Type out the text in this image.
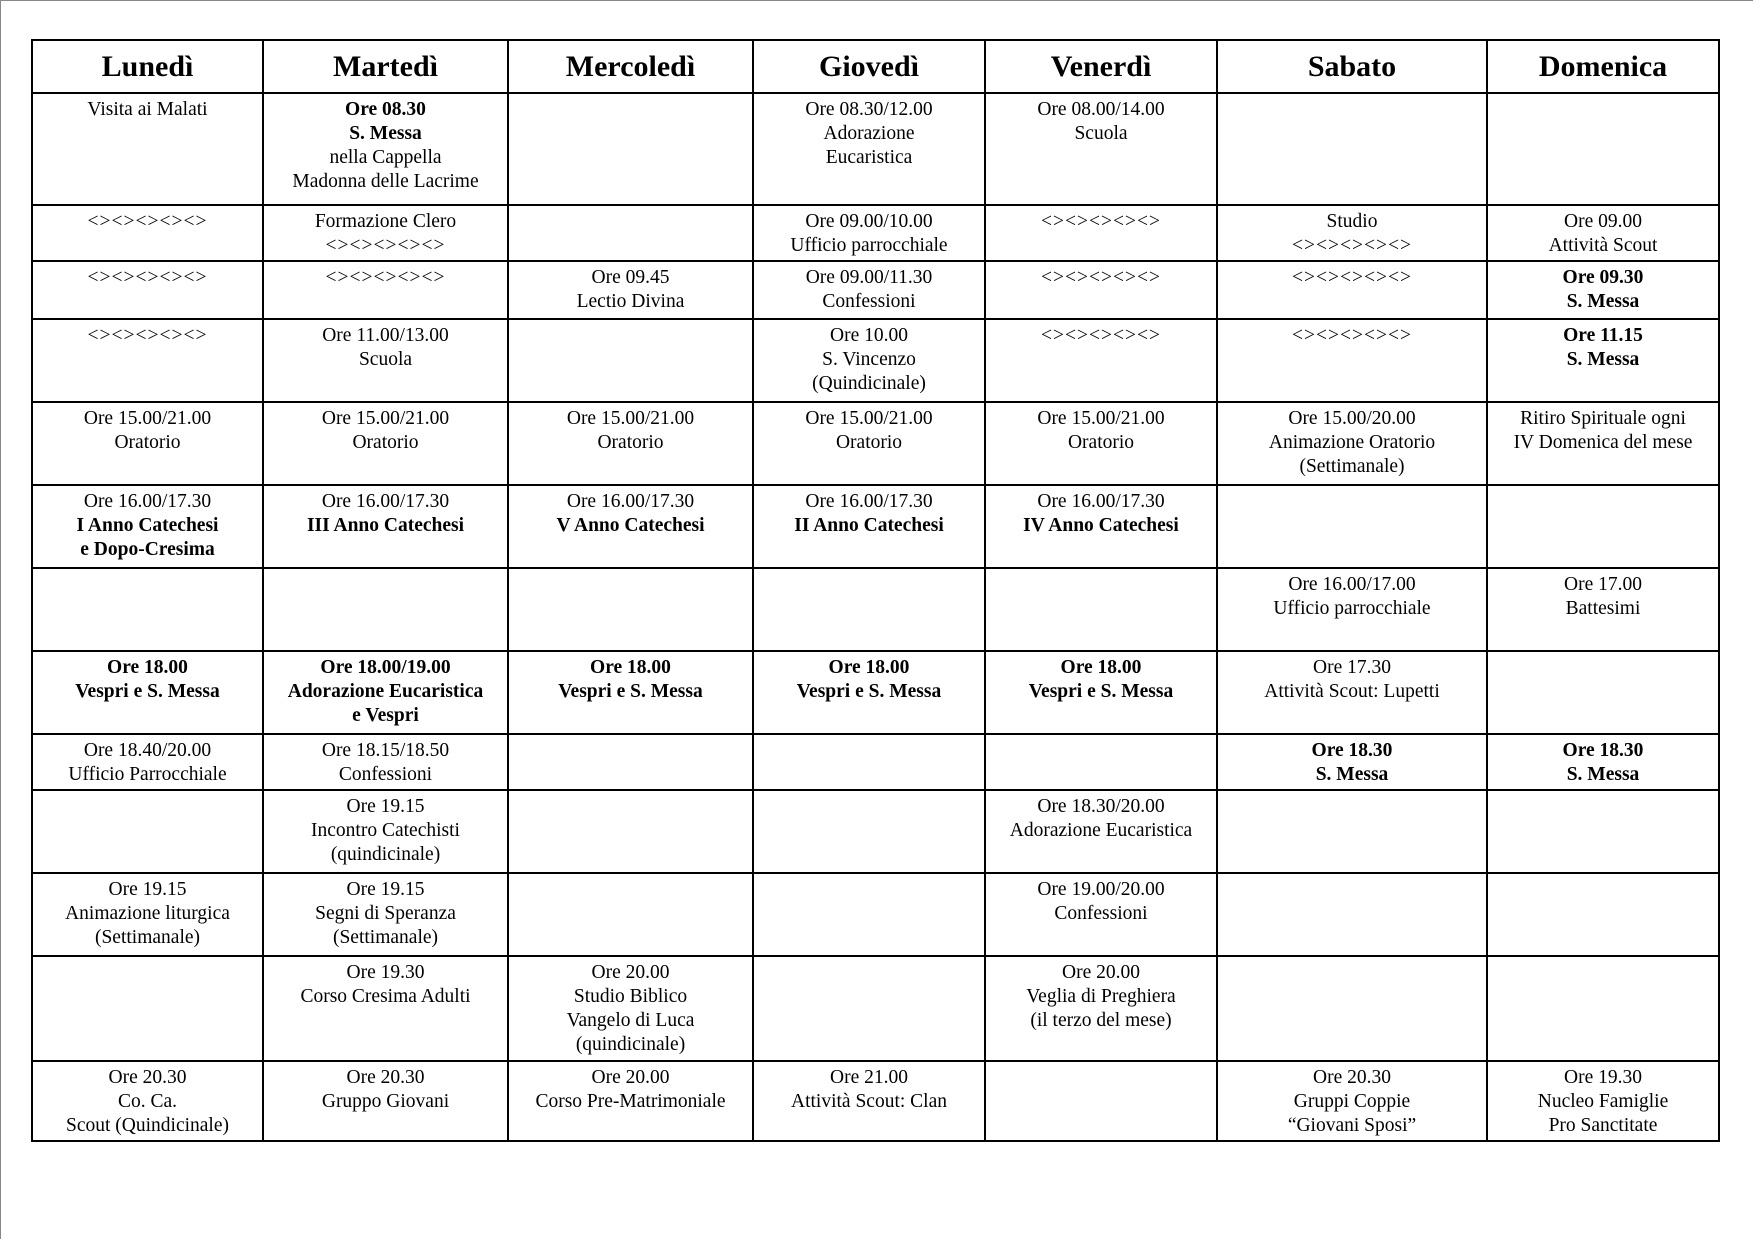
Lunedì	Martedì	Mercoledì	Giovedì	Venerdì	Sabato	Domenica

Visita ai Malati	Ore 08.30
S. Messa
nella Cappella
Madonna delle Lacrime		Ore 08.30/12.00
Adorazione
Eucaristica	Ore 08.00/14.00
Scuola		

<><><><><>	Formazione Clero
<><><><><>		Ore 09.00/10.00
Ufficio parrocchiale	<><><><><>	Studio
<><><><><>	Ore 09.00
Attività Scout

<><><><><>	<><><><><>	Ore 09.45
Lectio Divina	Ore 09.00/11.30
Confessioni	<><><><><>	<><><><><>	Ore 09.30
S. Messa

<><><><><>	Ore 11.00/13.00
Scuola		Ore 10.00
S. Vincenzo
(Quindicinale)	<><><><><>	<><><><><>	Ore 11.15
S. Messa

Ore 15.00/21.00
Oratorio	Ore 15.00/21.00
Oratorio	Ore 15.00/21.00
Oratorio	Ore 15.00/21.00
Oratorio	Ore 15.00/21.00
Oratorio	Ore 15.00/20.00
Animazione Oratorio
(Settimanale)	Ritiro Spirituale ogni
IV Domenica del mese

Ore 16.00/17.30
I Anno Catechesi
e Dopo-Cresima	Ore 16.00/17.30
III Anno Catechesi	Ore 16.00/17.30
V Anno Catechesi	Ore 16.00/17.30
II Anno Catechesi	Ore 16.00/17.30
IV Anno Catechesi		

					Ore 16.00/17.00
Ufficio parrocchiale	Ore 17.00
Battesimi

Ore 18.00
Vespri e S. Messa	Ore 18.00/19.00
Adorazione Eucaristica
e Vespri	Ore 18.00
Vespri e S. Messa	Ore 18.00
Vespri e S. Messa	Ore 18.00
Vespri e S. Messa	Ore 17.30
Attività Scout: Lupetti	

Ore 18.40/20.00
Ufficio Parrocchiale	Ore 18.15/18.50
Confessioni				Ore 18.30
S. Messa	Ore 18.30
S. Messa

	Ore 19.15
Incontro Catechisti
(quindicinale)			Ore 18.30/20.00
Adorazione Eucaristica		

Ore 19.15
Animazione liturgica
(Settimanale)	Ore 19.15
Segni di Speranza
(Settimanale)			Ore 19.00/20.00
Confessioni		

	Ore 19.30
Corso Cresima Adulti	Ore 20.00
Studio Biblico
Vangelo di Luca
(quindicinale)		Ore 20.00
Veglia di Preghiera
(il terzo del mese)		

Ore 20.30
Co. Ca.
Scout (Quindicinale)	Ore 20.30
Gruppo Giovani	Ore 20.00
Corso Pre-Matrimoniale	Ore 21.00
Attività Scout: Clan		Ore 20.30
Gruppi Coppie
“Giovani Sposi”	Ore 19.30
Nucleo Famiglie
Pro Sanctitate
